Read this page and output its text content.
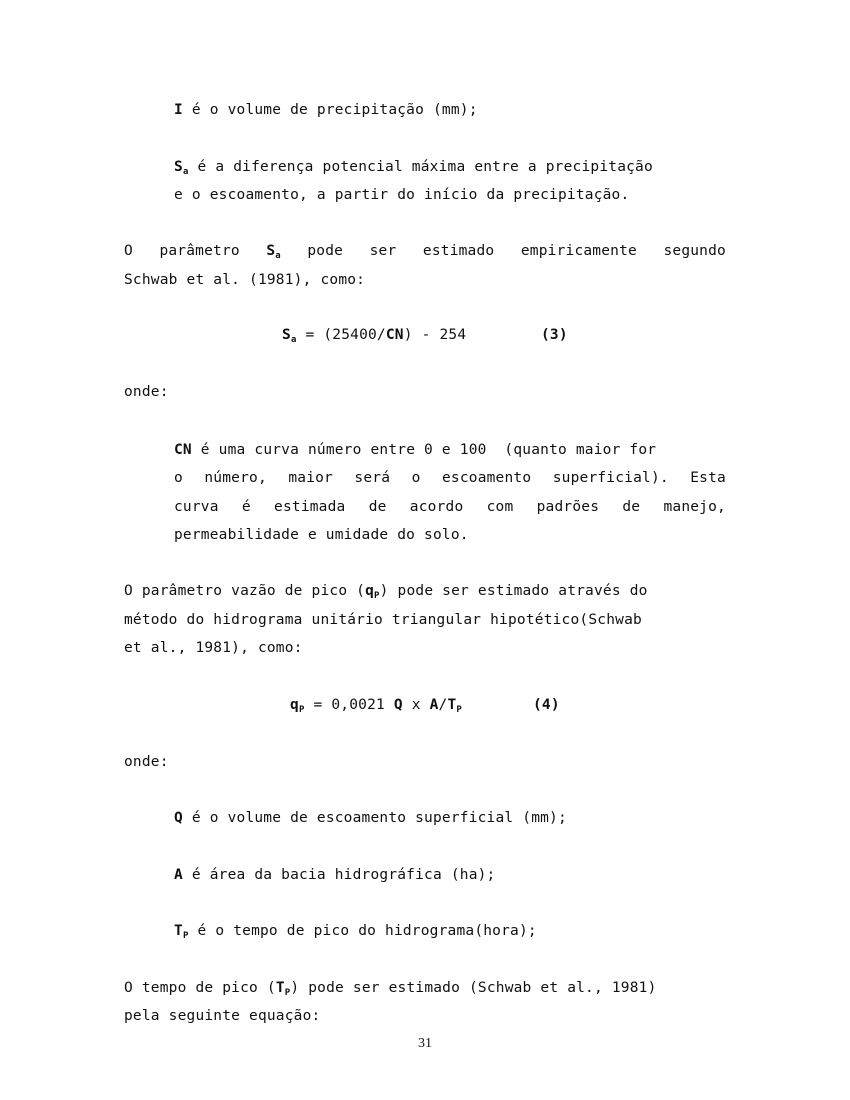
I é o volume de precipitação (mm);

$S_a$ é a diferença potencial máxima entre a precipitação

e o escoamento, a partir do início da precipitação.

O parâmetro $S_a$ pode ser estimado empiricamente segundo

Schwab et al. (1981), como:

$S_a = (25400/CN) - 254$	(3)

onde:

CN é uma curva número entre 0 e 100  (quanto maior for

o número, maior será o escoamento superficial). Esta

curva é estimada de acordo com padrões de manejo,

permeabilidade e umidade do solo.

O parâmetro vazão de pico $(q_P)$ pode ser estimado através do

método do hidrograma unitário triangular hipotético(Schwab

et al., 1981), como:

$q_P = 0,0021$ Q x $A/T_P$	(4)

onde:

Q é o volume de escoamento superficial (mm);

A é área da bacia hidrográfica (ha);

$T_P$ é o tempo de pico do hidrograma(hora);

O tempo de pico $(T_P)$ pode ser estimado (Schwab et al., 1981)

pela seguinte equação:

31
